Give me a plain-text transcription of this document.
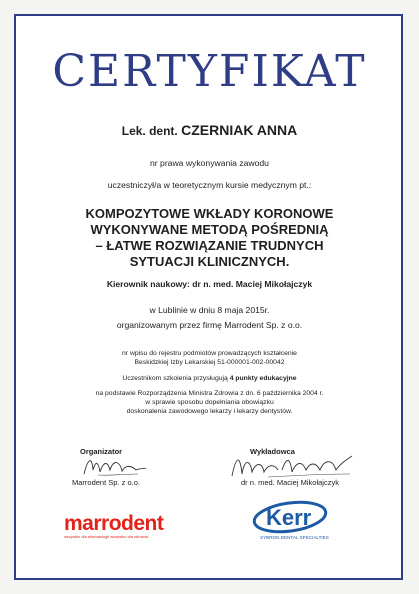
CERTYFIKAT
Lek. dent. CZERNIAK ANNA
nr prawa wykonywania zawodu
uczestniczył/a w teoretycznym kursie medycznym pt.:
KOMPOZYTOWE WKŁADY KORONOWE
WYKONYWANE METODĄ POŚREDNIĄ
– ŁATWE ROZWIĄZANIE TRUDNYCH
SYTUACJI KLINICZNYCH.
Kierownik naukowy: dr n. med. Maciej Mikołajczyk
w Lublinie w dniu 8 maja 2015r.
organizowanym przez firmę Marrodent Sp. z o.o.
nr wpisu do rejestru podmiotów prowadzących kształcenie
Beskidzkiej Izby Lekarskiej 51-000001-002-00042
Uczestnikom szkolenia przysługują 4 punkty edukacyjne
na podstawie Rozporządzenia Ministra Zdrowia z dn. 6 października 2004 r.
w sprawie sposobu dopełniania obowiązku
doskonalenia zawodowego lekarzy i lekarzy dentystów.
Organizator
Marrodent Sp. z o.o.
Wykładowca
dr n. med. Maciej Mikołajczyk
marrodent
wszystko dla stomatologii wszystko dla zdrowia
Kerr
SYBRON DENTAL SPECIALTIES
